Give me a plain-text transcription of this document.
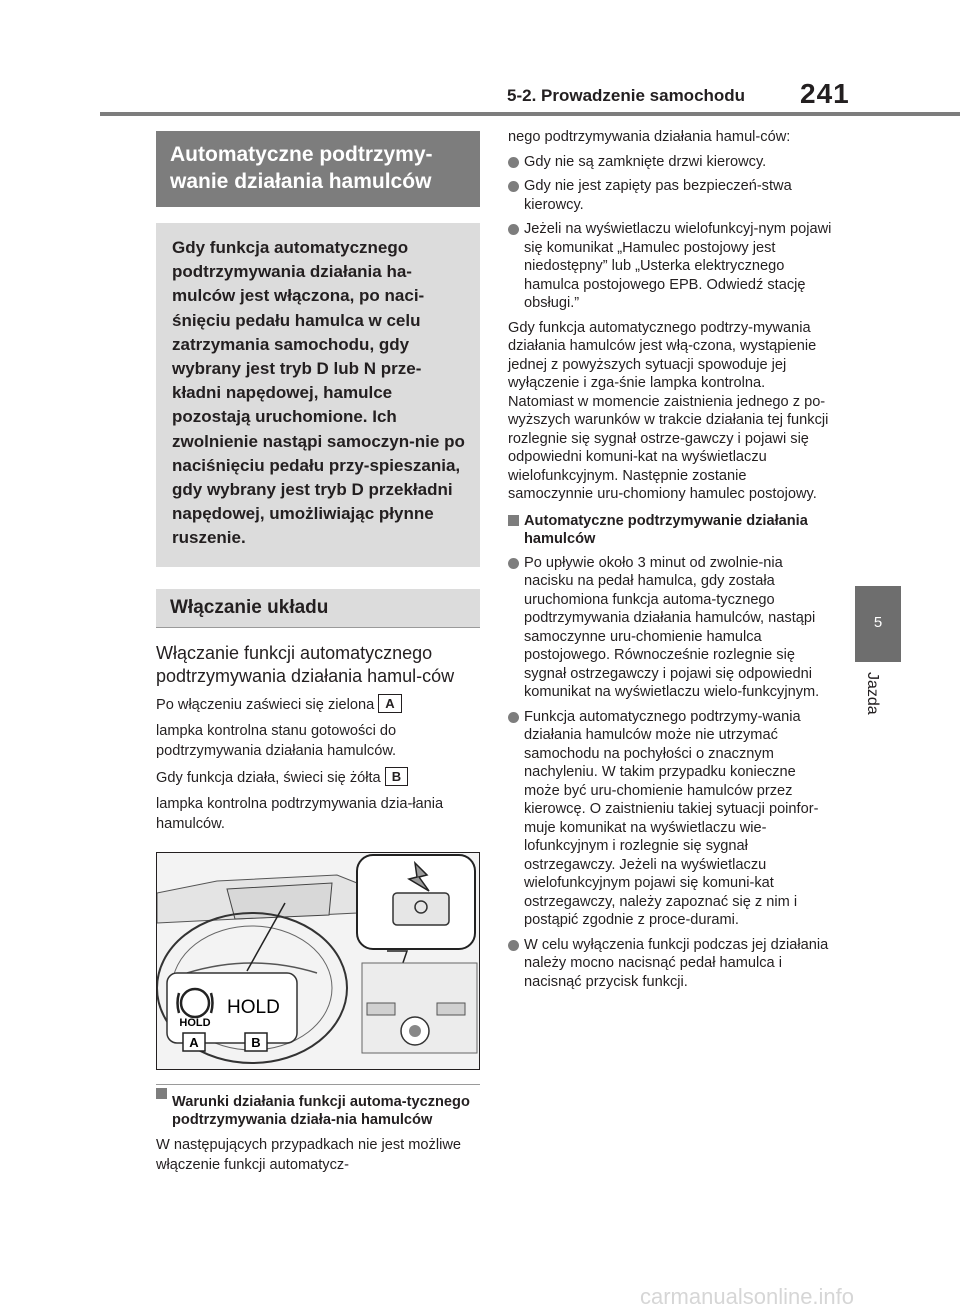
5-2. Prowadzenie samochodu 241
5
Jazda
Automatyczne podtrzymy-wanie działania hamulców
Gdy funkcja automatycznego podtrzymywania działania ha-mulców jest włączona, po naci-śnięciu pedału hamulca w celu zatrzymania samochodu, gdy wybrany jest tryb D lub N prze-kładni napędowej, hamulce pozostają uruchomione. Ich zwolnienie nastąpi samoczyn-nie po naciśnięciu pedału przy-spieszania, gdy wybrany jest tryb D przekładni napędowej, umożliwiając płynne ruszenie.
Włączanie układu
Włączanie funkcji automatycznego podtrzymywania działania hamul-ców
Po włączeniu zaświeci się zielona A
lampka kontrolna stanu gotowości do podtrzymywania działania hamulców.
Gdy funkcja działa, świeci się żółta B
lampka kontrolna podtrzymywania dzia-łania hamulców.
HOLD
HOLD
A	B
Warunki działania funkcji automa-tycznego podtrzymywania działa-nia hamulców
W następujących przypadkach nie jest możliwe włączenie funkcji automatycz-
nego podtrzymywania działania hamul-ców:
Gdy nie są zamknięte drzwi kierowcy.
Gdy nie jest zapięty pas bezpieczeń-stwa kierowcy.
Jeżeli na wyświetlaczu wielofunkcyj-nym pojawi się komunikat „Hamulec postojowy jest niedostępny” lub „Usterka elektrycznego hamulca postojowego EPB. Odwiedź stację obsługi.”
Gdy funkcja automatycznego podtrzy-mywania działania hamulców jest włą-czona, wystąpienie jednej z powyższych sytuacji spowoduje jej wyłączenie i zga-śnie lampka kontrolna. Natomiast w momencie zaistnienia jednego z po-wyższych warunków w trakcie działania tej funkcji rozlegnie się sygnał ostrze-gawczy i pojawi się odpowiedni komuni-kat na wyświetlaczu wielofunkcyjnym. Następnie zostanie samoczynnie uru-chomiony hamulec postojowy.
Automatyczne podtrzymywanie działania hamulców
Po upływie około 3 minut od zwolnie-nia nacisku na pedał hamulca, gdy została uruchomiona funkcja automa-tycznego podtrzymywania działania hamulców, nastąpi samoczynne uru-chomienie hamulca postojowego. Równocześnie rozlegnie się sygnał ostrzegawczy i pojawi się odpowiedni komunikat na wyświetlaczu wielo-funkcyjnym.
Funkcja automatycznego podtrzymy-wania działania hamulców może nie utrzymać samochodu na pochyłości o znacznym nachyleniu. W takim przypadku konieczne może być uru-chomienie hamulców przez kierowcę. O zaistnieniu takiej sytuacji poinfor-muje komunikat na wyświetlaczu wie-lofunkcyjnym i rozlegnie się sygnał ostrzegawczy. Jeżeli na wyświetlaczu wielofunkcyjnym pojawi się komuni-kat ostrzegawczy, należy zapoznać się z nim i postąpić zgodnie z proce-durami.
W celu wyłączenia funkcji podczas jej działania należy mocno nacisnąć pedał hamulca i nacisnąć przycisk funkcji.
carmanualsonline.info
